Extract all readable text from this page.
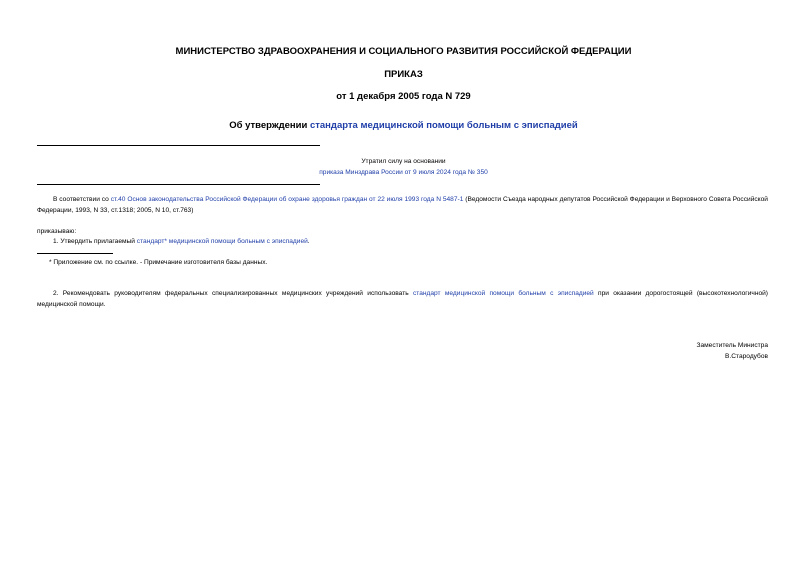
МИНИСТЕРСТВО ЗДРАВООХРАНЕНИЯ И СОЦИАЛЬНОГО РАЗВИТИЯ РОССИЙСКОЙ ФЕДЕРАЦИИ

ПРИКАЗ

от 1 декабря 2005 года N 729

Об утверждении стандарта медицинской помощи больным с эписпадией

Утратил силу на основании

приказа Минздрава России от 9 июля 2024 года № 350

В соответствии со ст.40 Основ законодательства Российской Федерации об охране здоровья граждан от 22 июля 1993 года N 5487-1 (Ведомости Съезда народных депутатов Российской Федерации и Верховного Совета Российской Федерации, 1993, N 33, ст.1318; 2005, N 10, ст.763)

приказываю:

1. Утвердить прилагаемый стандарт* медицинской помощи больным с эписпадией.

* Приложение см. по ссылке. - Примечание изготовителя базы данных.

2. Рекомендовать руководителям федеральных специализированных медицинских учреждений использовать стандарт медицинской помощи больным с эписпадией при оказании дорогостоящей (высокотехнологичной) медицинской помощи.

Заместитель Министра

В.Стародубов
